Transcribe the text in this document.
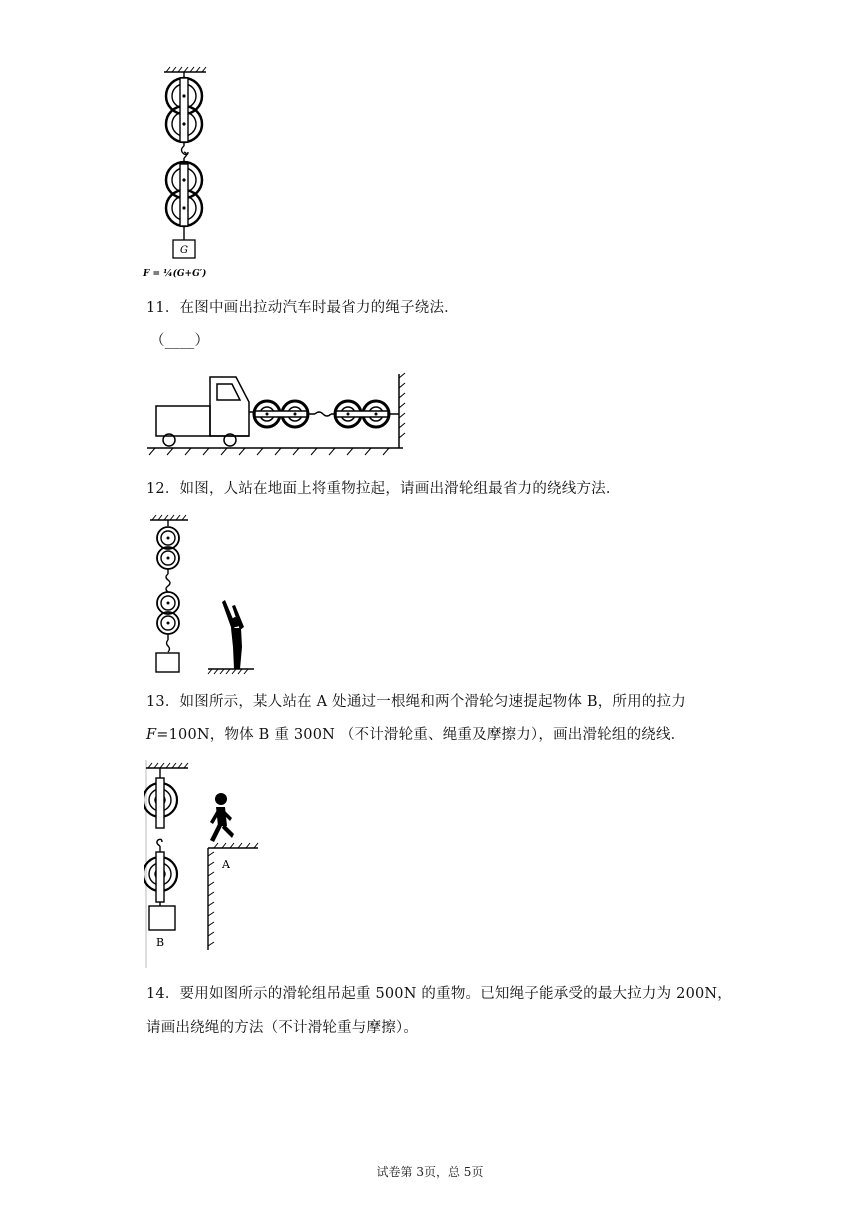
G
F = ¼(G+G′)
11．在图中画出拉动汽车时最省力的绳子绕法．
（____）
12．如图，人站在地面上将重物拉起，请画出滑轮组最省力的绕线方法．
13．如图所示，某人站在 A 处通过一根绳和两个滑轮匀速提起物体 B，所用的拉力
F=100N，物体 B 重 300N （不计滑轮重、绳重及摩擦力），画出滑轮组的绕线．
A
B
14．要用如图所示的滑轮组吊起重 500N 的重物。已知绳子能承受的最大拉力为 200N，
请画出绕绳的方法（不计滑轮重与摩擦）。
试卷第 3页，总 5页
